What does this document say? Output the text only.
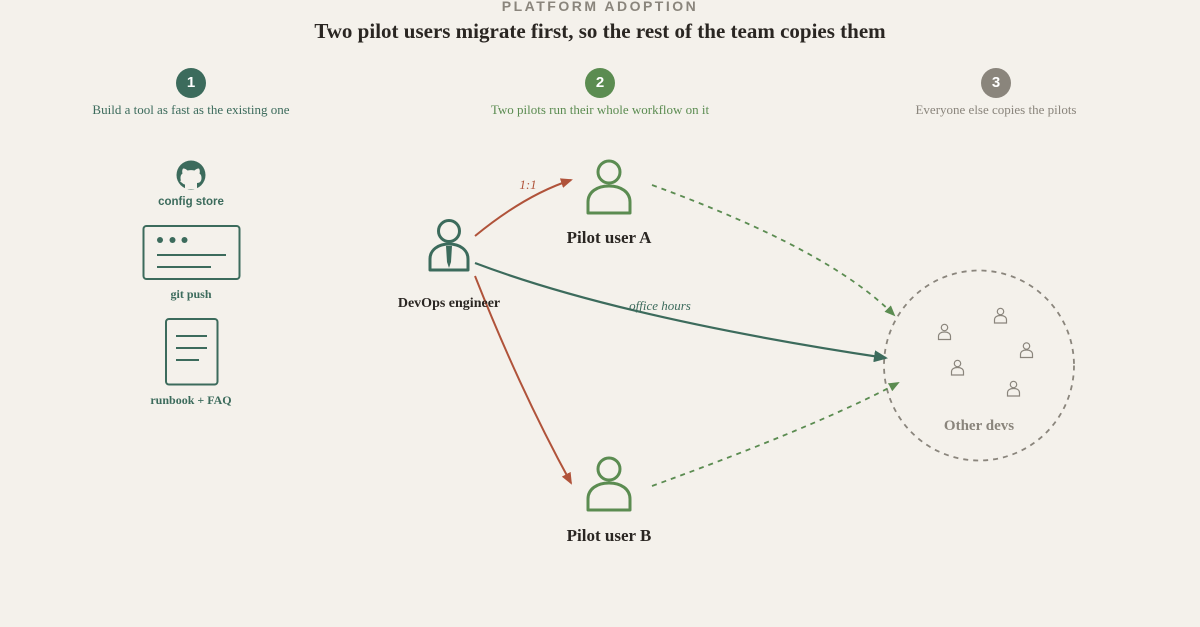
PLATFORM ADOPTION
Two pilot users migrate first, so the rest of the team copies them
1
Build a tool as fast as the existing one
2
Two pilots run their whole workflow on it
3
Everyone else copies the pilots
1:1
office hours
DevOps engineer
Pilot user A
Pilot user B
Other devs
config store
git push
runbook + FAQ
